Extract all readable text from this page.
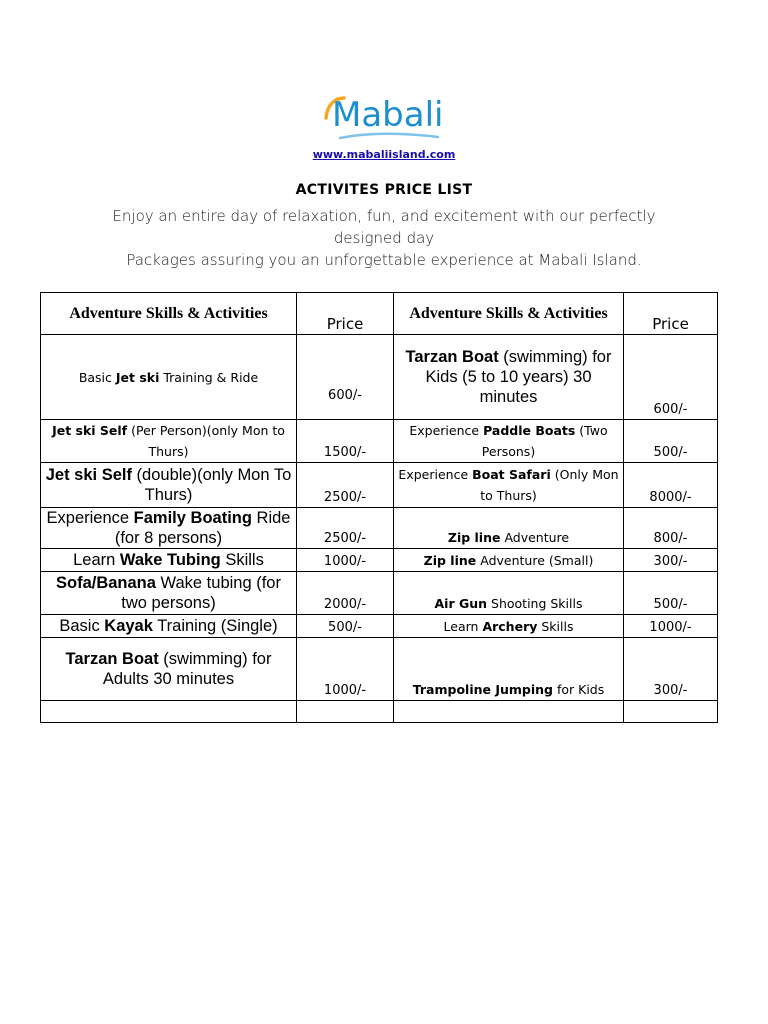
Mabali
www.mabaliisland.com
ACTIVITES PRICE LIST
Enjoy an entire day of relaxation, fun, and excitement with our perfectly designed day
Packages assuring you an unforgettable experience at Mabali Island.
Adventure Skills & Activities	Price	Adventure Skills & Activities	Price
Basic Jet ski Training & Ride	600/-	Tarzan Boat (swimming) for Kids (5 to 10 years) 30 minutes	600/-
Jet ski Self (Per Person)(only Mon to Thurs)	1500/-	Experience Paddle Boats (Two Persons)	500/-
Jet ski Self (double)(only Mon To Thurs)	2500/-	Experience Boat Safari (Only Mon to Thurs)	8000/-
Experience Family Boating Ride (for 8 persons)	2500/-	Zip line Adventure	800/-
Learn Wake Tubing Skills	1000/-	Zip line Adventure (Small)	300/-
Sofa/Banana Wake tubing (for two persons)	2000/-	Air Gun Shooting Skills	500/-
Basic Kayak Training (Single)	500/-	Learn Archery Skills	1000/-
Tarzan Boat (swimming) for Adults 30 minutes	1000/-	Trampoline Jumping for Kids	300/-
